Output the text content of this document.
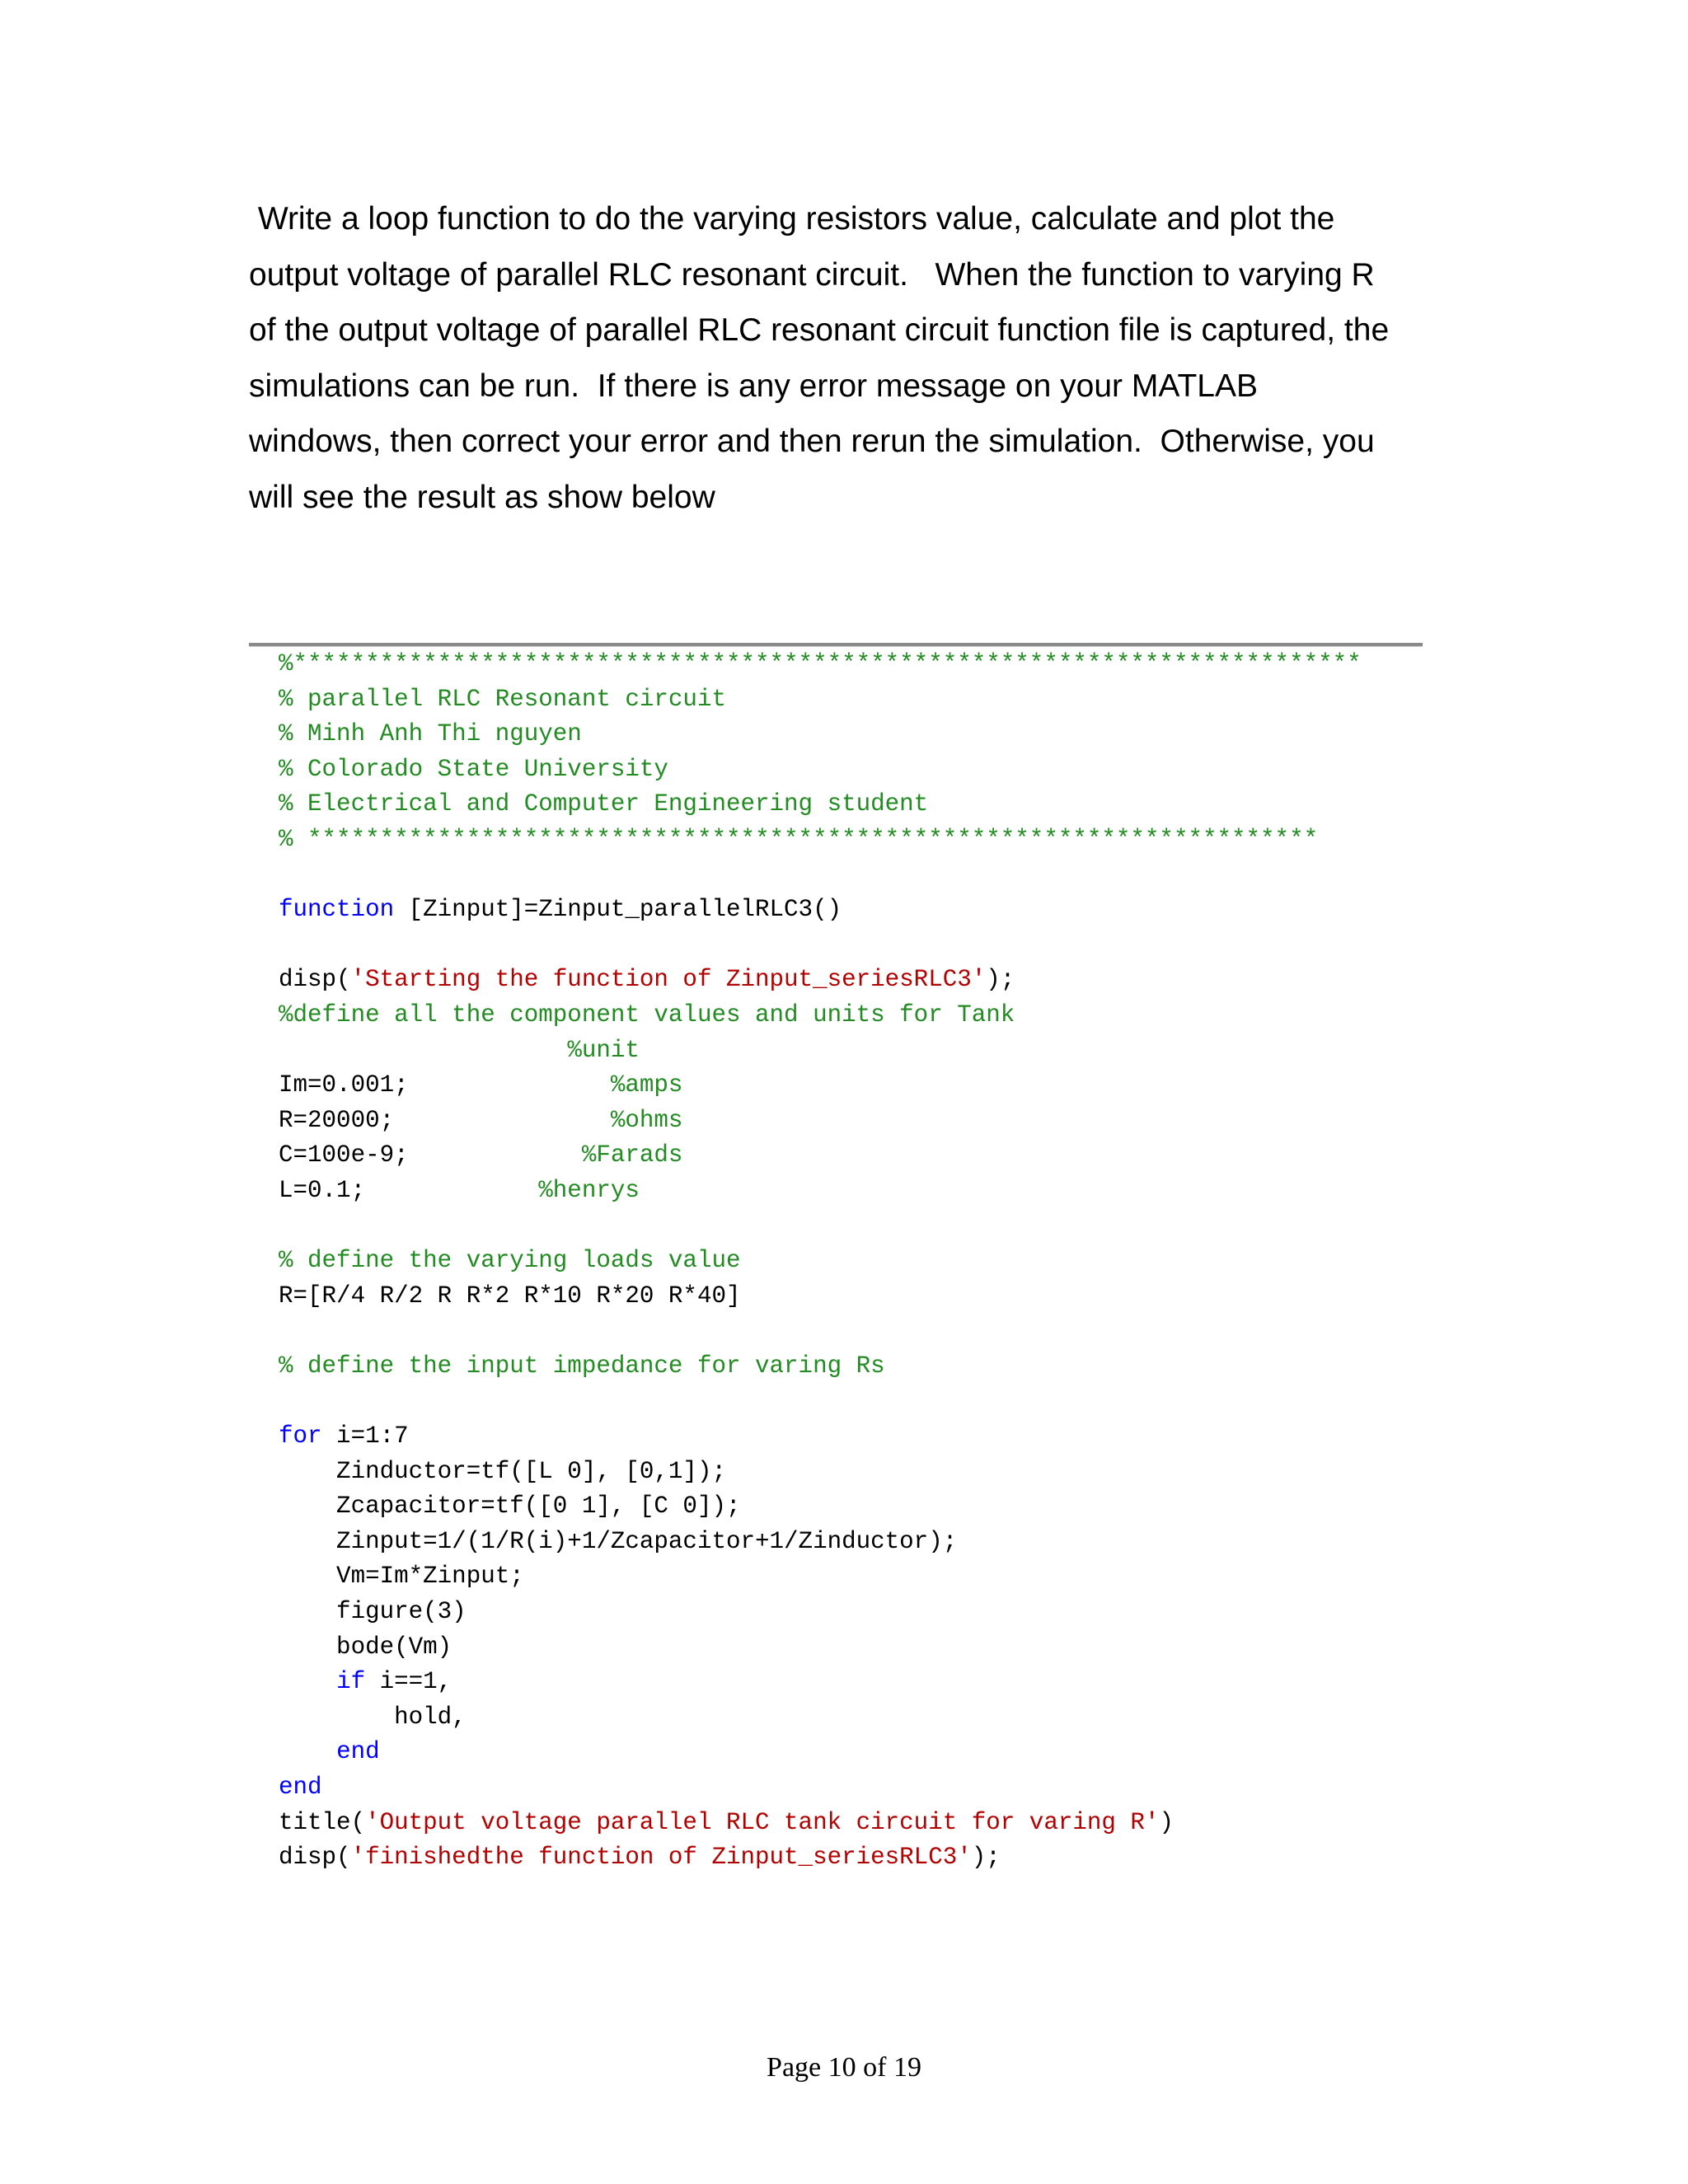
Write a loop function to do the varying resistors value, calculate and plot the
output voltage of parallel RLC resonant circuit.   When the function to varying R
of the output voltage of parallel RLC resonant circuit function file is captured, the
simulations can be run.  If there is any error message on your MATLAB
windows, then correct your error and then rerun the simulation.  Otherwise, you
will see the result as show below
%**************************************************************************
% parallel RLC Resonant circuit
% Minh Anh Thi nguyen
% Colorado State University
% Electrical and Computer Engineering student
% **********************************************************************

function [Zinput]=Zinput_parallelRLC3()

disp('Starting the function of Zinput_seriesRLC3');
%define all the component values and units for Tank
%unit
Im=0.001;              %amps
R=20000;               %ohms
C=100e-9;            %Farads
L=0.1;            %henrys

% define the varying loads value
R=[R/4 R/2 R R*2 R*10 R*20 R*40]

% define the input impedance for varing Rs

for i=1:7
Zinductor=tf([L 0], [0,1]);
Zcapacitor=tf([0 1], [C 0]);
Zinput=1/(1/R(i)+1/Zcapacitor+1/Zinductor);
Vm=Im*Zinput;
figure(3)
bode(Vm)
if i==1,
hold,
end
end
title('Output voltage parallel RLC tank circuit for varing R')
disp('finishedthe function of Zinput_seriesRLC3');
Page 10 of 19
